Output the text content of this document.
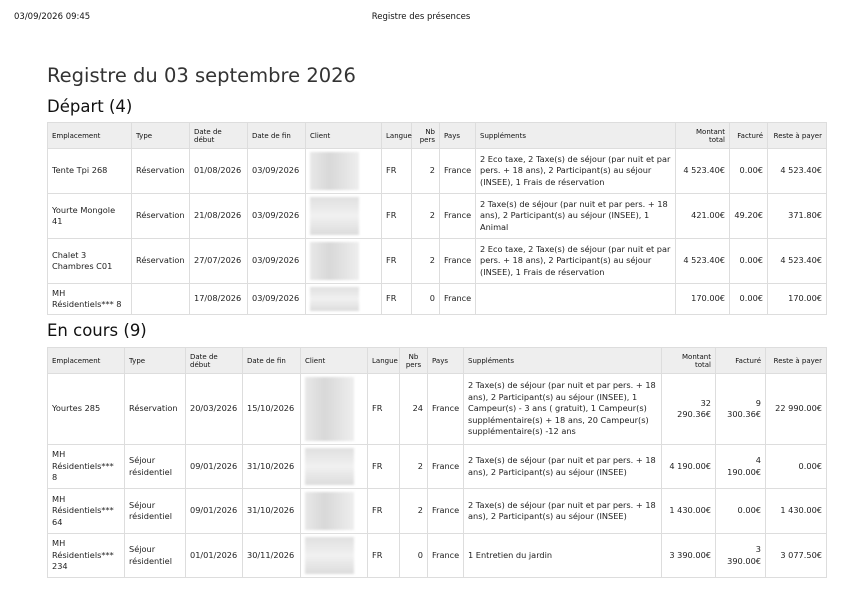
03/09/2026 09:45	Registre des présences
Registre du 03 septembre 2026
Départ (4)
Emplacement	Type	Date de début	Date de fin	Client	Langue	Nb pers	Pays	Suppléments	Montant total	Facturé	Reste à payer
Tente Tpi 268	Réservation	01/08/2026	03/09/2026		FR	2	France	2 Eco taxe, 2 Taxe(s) de séjour (par nuit et par pers. + 18 ans), 2 Participant(s) au séjour (INSEE), 1 Frais de réservation	4 523.40€	0.00€	4 523.40€
Yourte Mongole 41	Réservation	21/08/2026	03/09/2026		FR	2	France	2 Taxe(s) de séjour (par nuit et par pers. + 18 ans), 2 Participant(s) au séjour (INSEE), 1 Animal	421.00€	49.20€	371.80€
Chalet 3 Chambres C01	Réservation	27/07/2026	03/09/2026		FR	2	France	2 Eco taxe, 2 Taxe(s) de séjour (par nuit et par pers. + 18 ans), 2 Participant(s) au séjour (INSEE), 1 Frais de réservation	4 523.40€	0.00€	4 523.40€
MH Résidentiels*** 8		17/08/2026	03/09/2026		FR	0	France		170.00€	0.00€	170.00€
En cours (9)
Emplacement	Type	Date de début	Date de fin	Client	Langue	Nb pers	Pays	Suppléments	Montant total	Facturé	Reste à payer
Yourtes 285	Réservation	20/03/2026	15/10/2026		FR	24	France	2 Taxe(s) de séjour (par nuit et par pers. + 18 ans), 2 Participant(s) au séjour (INSEE), 1 Campeur(s) - 3 ans ( gratuit), 1 Campeur(s) supplémentaire(s) + 18 ans, 20 Campeur(s) supplémentaire(s) -12 ans	32 290.36€	9 300.36€	22 990.00€
MH Résidentiels*** 8	Séjour résidentiel	09/01/2026	31/10/2026		FR	2	France	2 Taxe(s) de séjour (par nuit et par pers. + 18 ans), 2 Participant(s) au séjour (INSEE)	4 190.00€	4 190.00€	0.00€
MH Résidentiels*** 64	Séjour résidentiel	09/01/2026	31/10/2026		FR	2	France	2 Taxe(s) de séjour (par nuit et par pers. + 18 ans), 2 Participant(s) au séjour (INSEE)	1 430.00€	0.00€	1 430.00€
MH Résidentiels*** 234	Séjour résidentiel	01/01/2026	30/11/2026		FR	0	France	1 Entretien du jardin	3 390.00€	3 390.00€	3 077.50€
